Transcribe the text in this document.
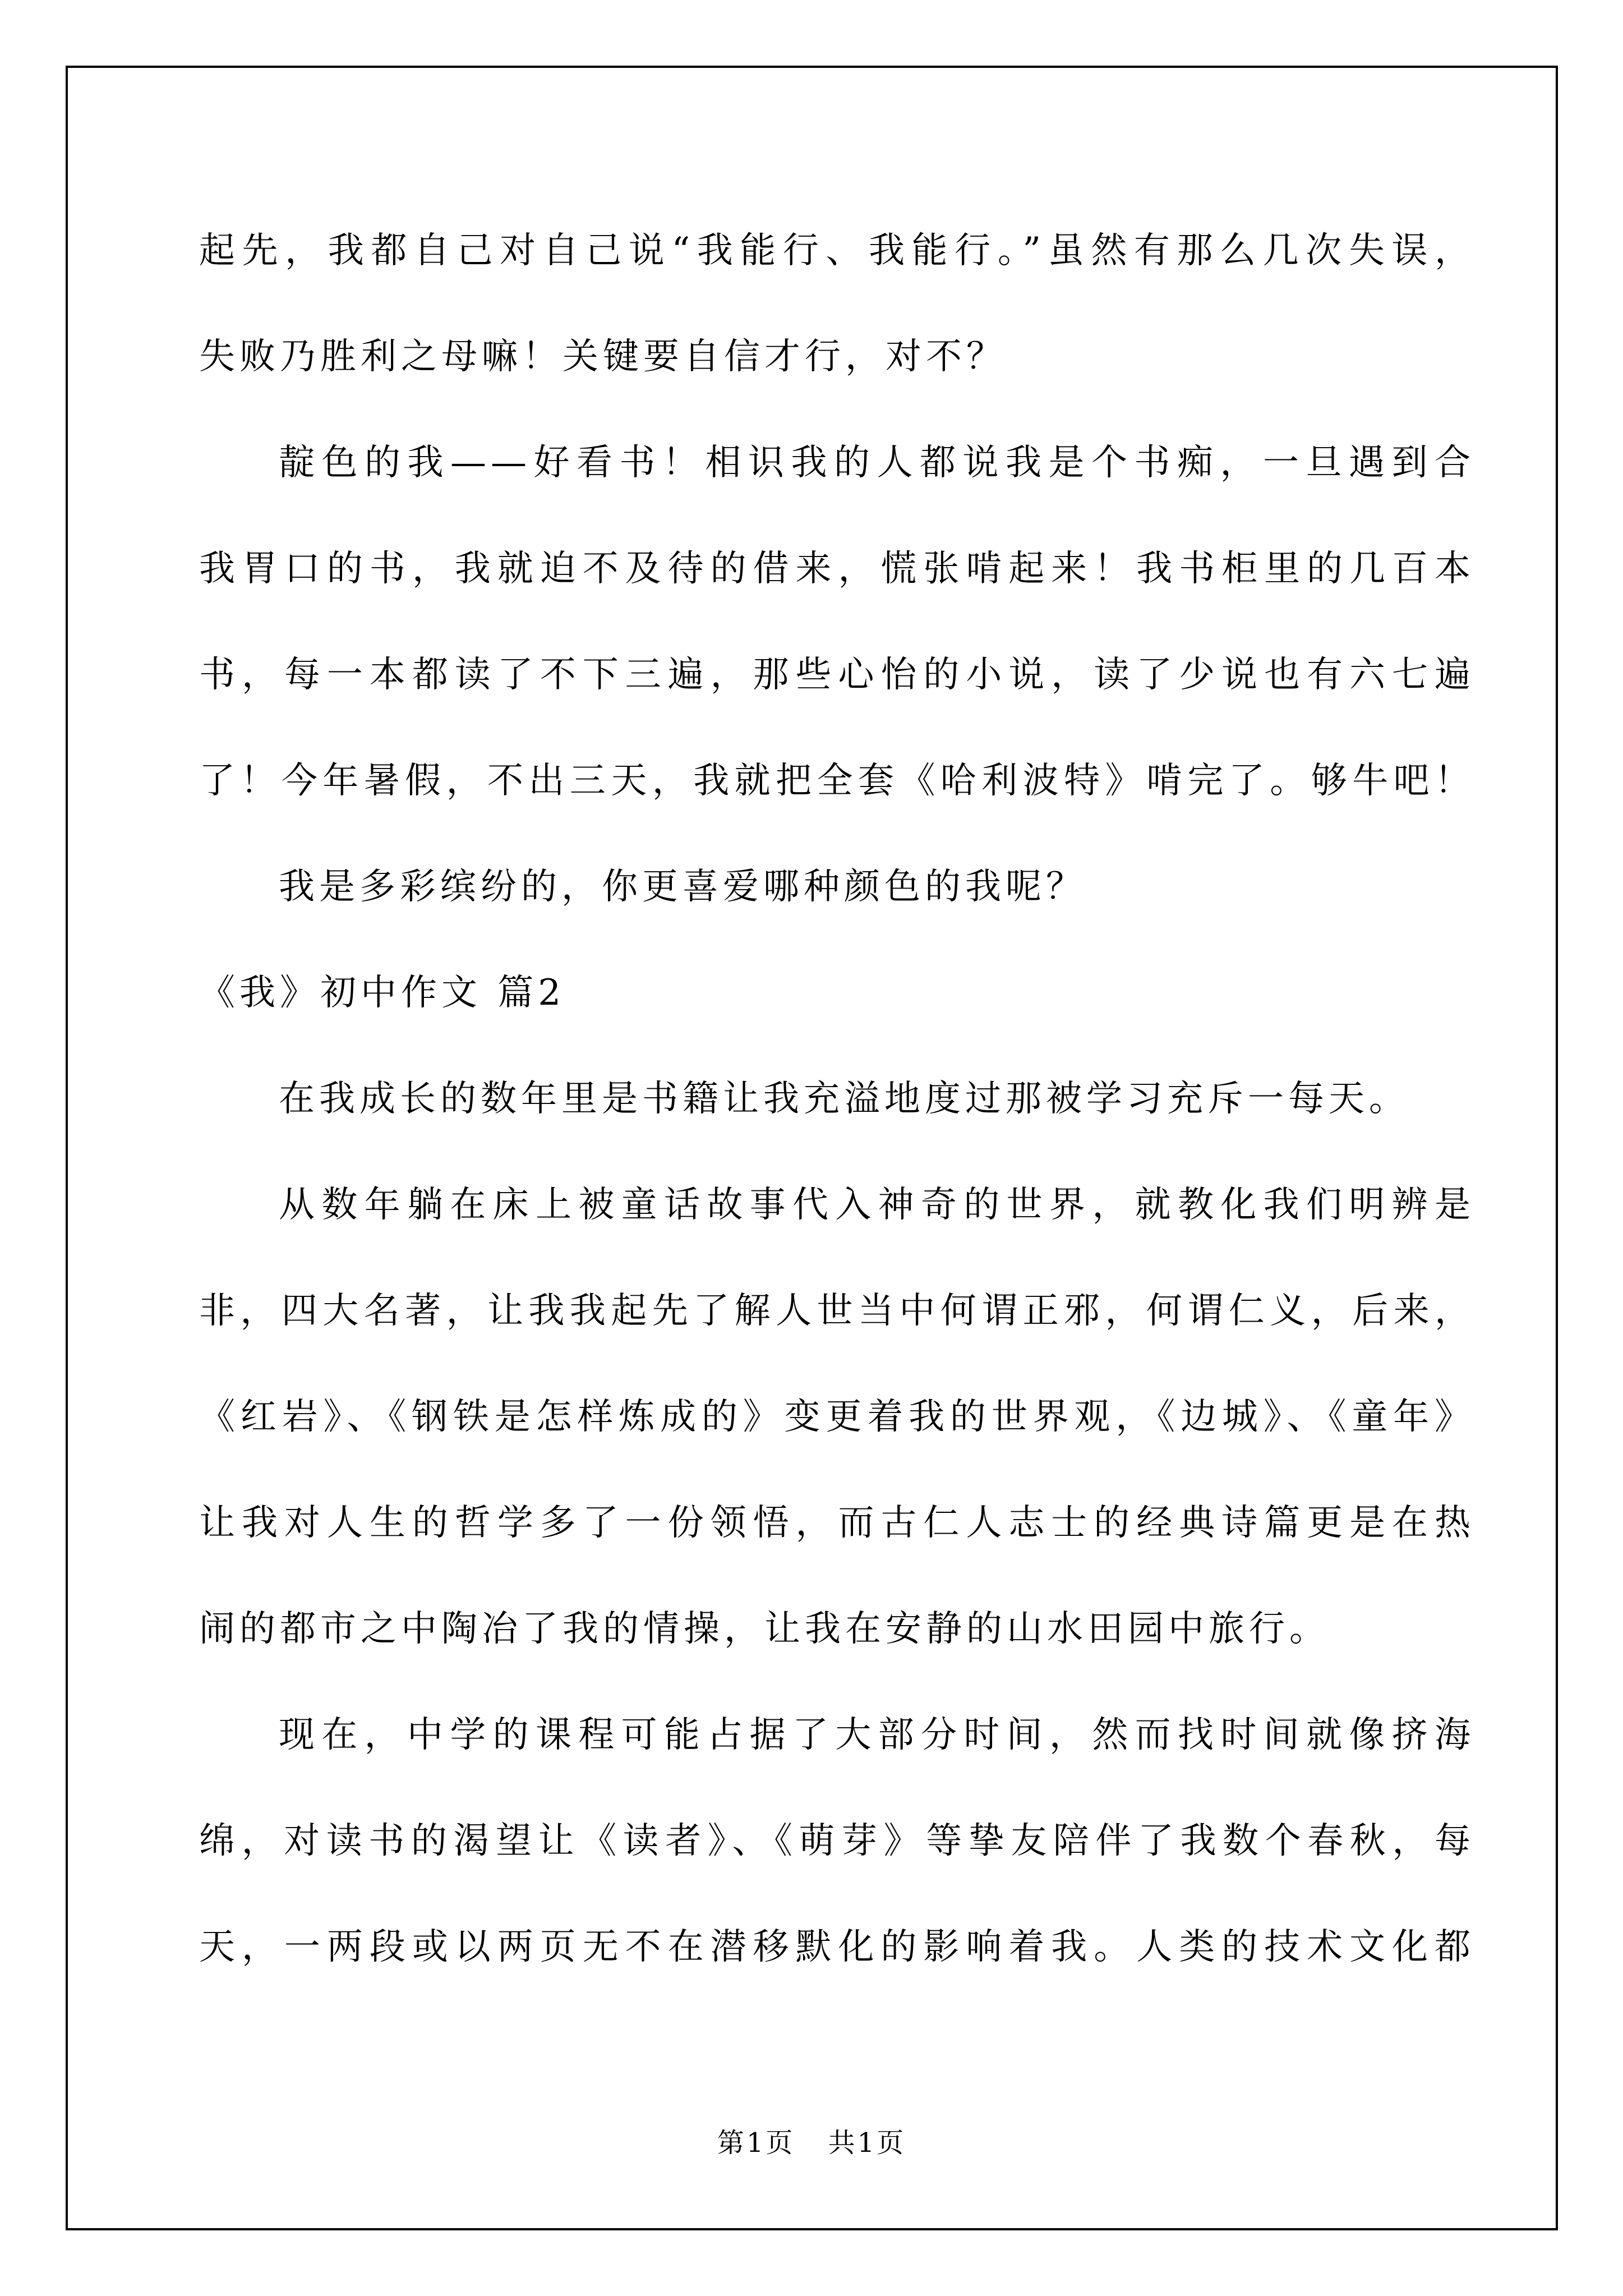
起先，我都自己对自己说“我能行、我能行。”虽然有那么几次失误，
失败乃胜利之母嘛！关键要自信才行，对不？
靛色的我——好看书！相识我的人都说我是个书痴，一旦遇到合
我胃口的书，我就迫不及待的借来，慌张啃起来！我书柜里的几百本
书，每一本都读了不下三遍，那些心怡的小说，读了少说也有六七遍
了！今年暑假，不出三天，我就把全套《哈利波特》啃完了。够牛吧！
我是多彩缤纷的，你更喜爱哪种颜色的我呢？
《我》初中作文 篇2
在我成长的数年里是书籍让我充溢地度过那被学习充斥一每天。
从数年躺在床上被童话故事代入神奇的世界，就教化我们明辨是
非，四大名著，让我我起先了解人世当中何谓正邪，何谓仁义，后来，
《红岩》、《钢铁是怎样炼成的》变更着我的世界观，《边城》、《童年》
让我对人生的哲学多了一份领悟，而古仁人志士的经典诗篇更是在热
闹的都市之中陶冶了我的情操，让我在安静的山水田园中旅行。
现在，中学的课程可能占据了大部分时间，然而找时间就像挤海
绵，对读书的渴望让《读者》、《萌芽》等挚友陪伴了我数个春秋，每
天，一两段或以两页无不在潜移默化的影响着我。人类的技术文化都
第1页 共1页
